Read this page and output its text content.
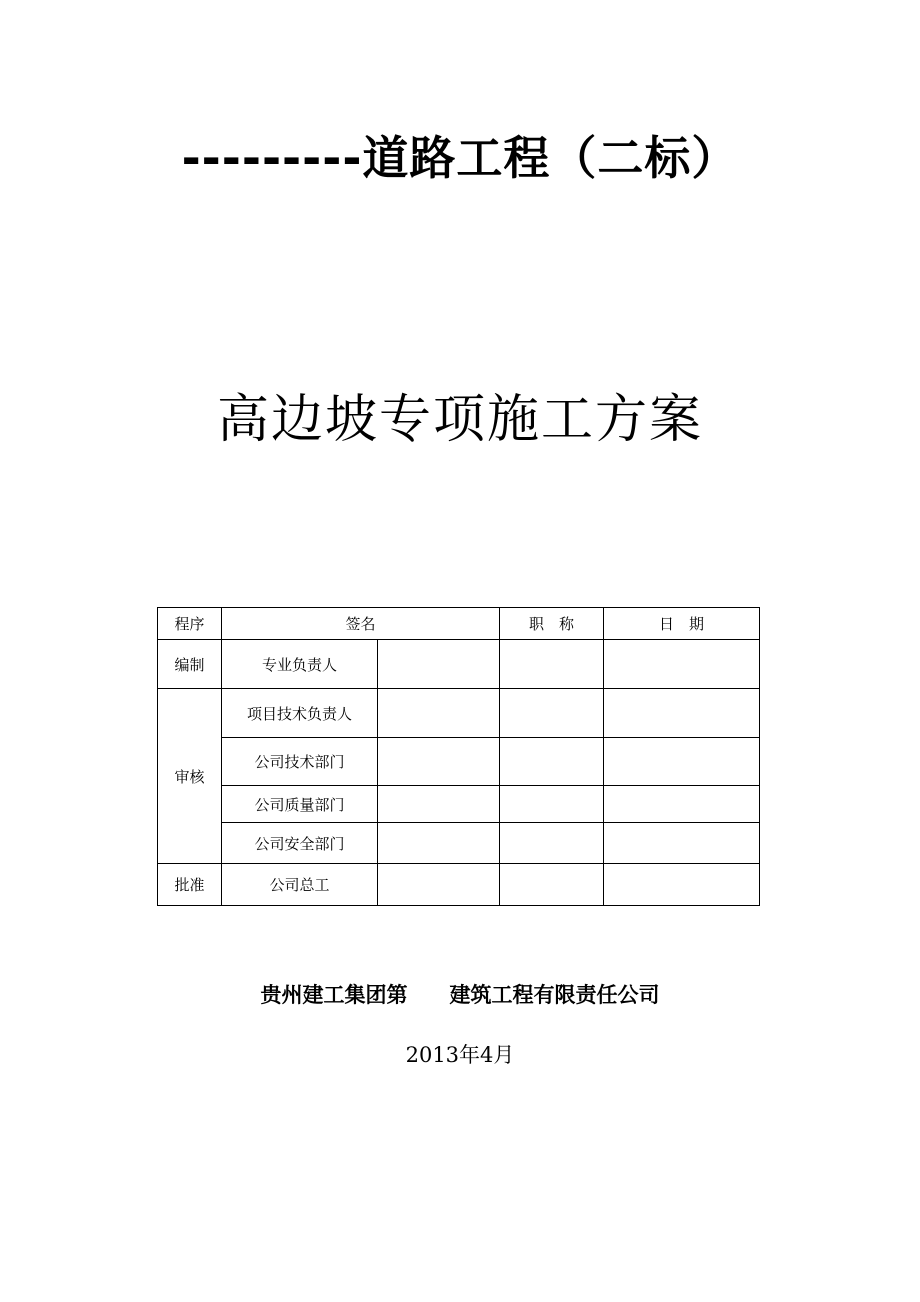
---------道路工程（二标）
高边坡专项施工方案
程序	签名		职　称	日　期
编制	专业负责人			
审核	项目技术负责人			
	公司技术部门			
	公司质量部门			
	公司安全部门			
批准	公司总工			
贵州建工集团第　　建筑工程有限责任公司
2013年4月
